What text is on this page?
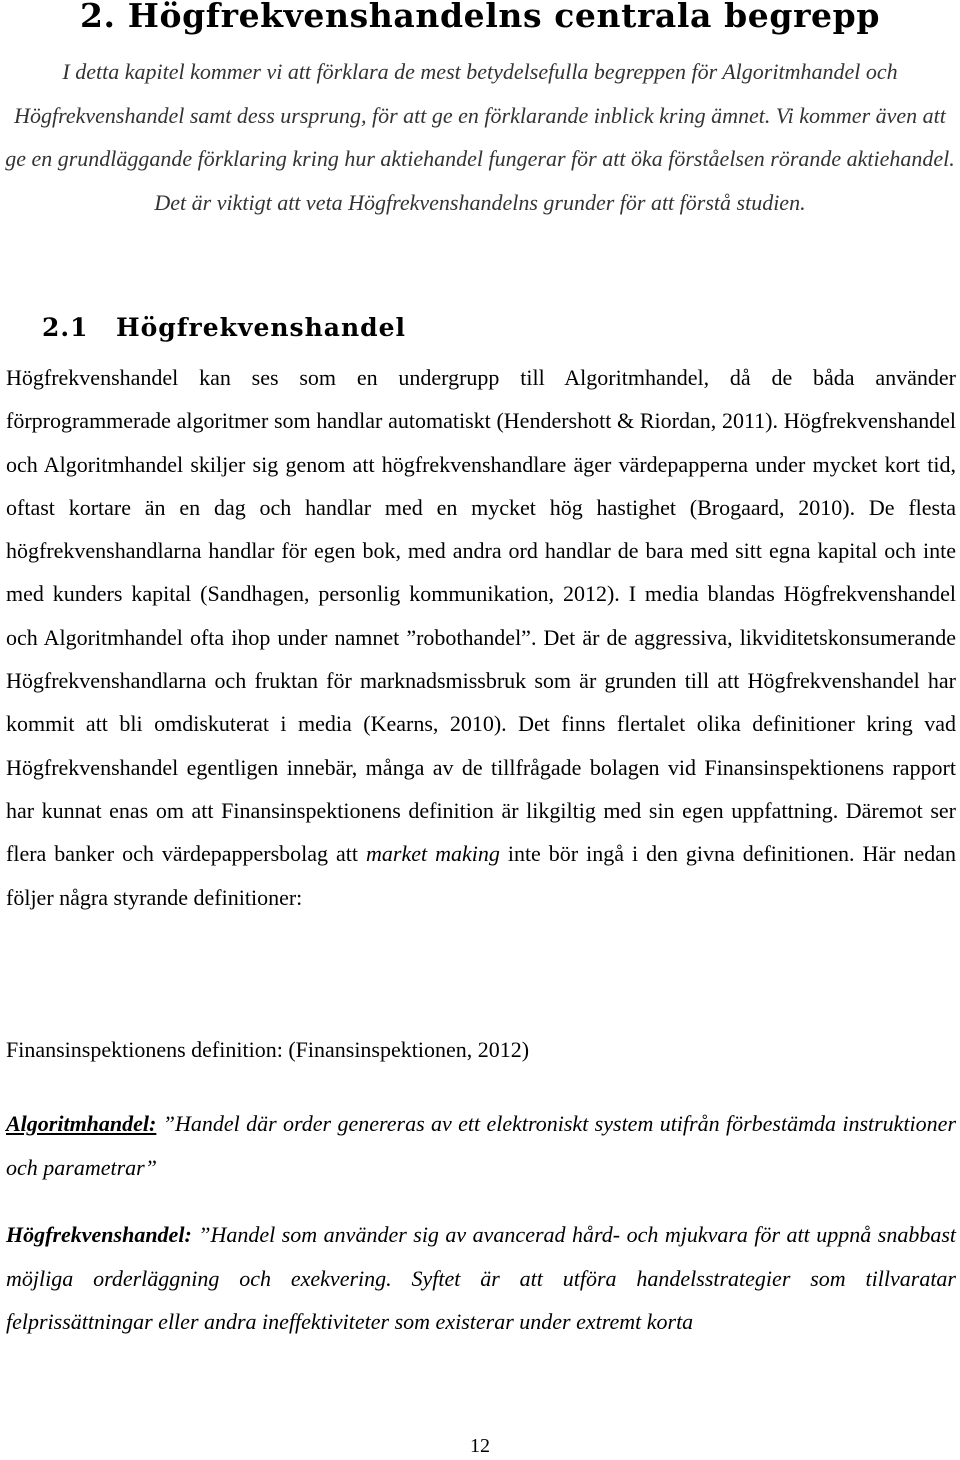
2. Högfrekvenshandelns centrala begrepp

I detta kapitel kommer vi att förklara de mest betydelsefulla begreppen för Algoritmhandel och Högfrekvenshandel samt dess ursprung, för att ge en förklarande inblick kring ämnet. Vi kommer även att ge en grundläggande förklaring kring hur aktiehandel fungerar för att öka förståelsen rörande aktiehandel. Det är viktigt att veta Högfrekvenshandelns grunder för att förstå studien.

2.1 Högfrekvenshandel

Högfrekvenshandel kan ses som en undergrupp till Algoritmhandel, då de båda använder förprogrammerade algoritmer som handlar automatiskt (Hendershott & Riordan, 2011). Högfrekvenshandel och Algoritmhandel skiljer sig genom att högfrekvenshandlare äger värdepapperna under mycket kort tid, oftast kortare än en dag och handlar med en mycket hög hastighet (Brogaard, 2010). De flesta högfrekvenshandlarna handlar för egen bok, med andra ord handlar de bara med sitt egna kapital och inte med kunders kapital (Sandhagen, personlig kommunikation, 2012). I media blandas Högfrekvenshandel och Algoritmhandel ofta ihop under namnet ”robothandel”. Det är de aggressiva, likviditetskonsumerande Högfrekvenshandlarna och fruktan för marknadsmissbruk som är grunden till att Högfrekvenshandel har kommit att bli omdiskuterat i media (Kearns, 2010). Det finns flertalet olika definitioner kring vad Högfrekvenshandel egentligen innebär, många av de tillfrågade bolagen vid Finansinspektionens rapport har kunnat enas om att Finansinspektionens definition är likgiltig med sin egen uppfattning. Däremot ser flera banker och värdepappersbolag att market making inte bör ingå i den givna definitionen. Här nedan följer några styrande definitioner:

Finansinspektionens definition: (Finansinspektionen, 2012)

Algoritmhandel: ”Handel där order genereras av ett elektroniskt system utifrån förbestämda instruktioner och parametrar”

Högfrekvenshandel: ”Handel som använder sig av avancerad hård- och mjukvara för att uppnå snabbast möjliga orderläggning och exekvering. Syftet är att utföra handelsstrategier som tillvaratar felprissättningar eller andra ineffektiviteter som existerar under extremt korta

12
